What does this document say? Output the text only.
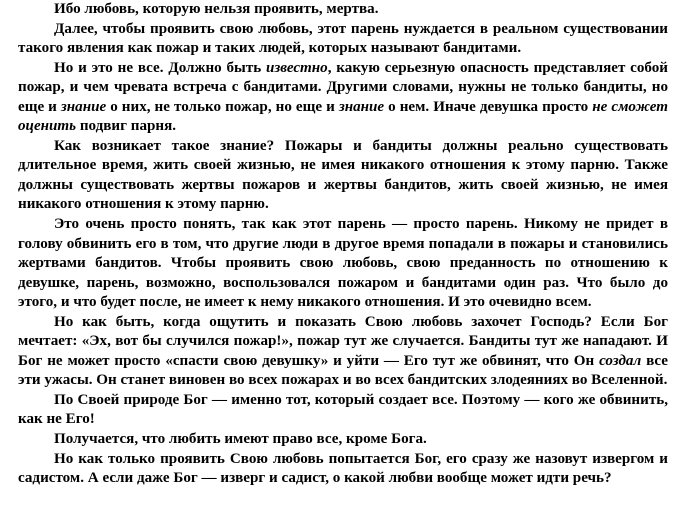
Ибо любовь, которую нельзя проявить, мертва.

Далее, чтобы проявить свою любовь, этот парень нуждается в реальном существовании такого явления как пожар и таких людей, которых называют бандитами.

Но и это не все. Должно быть известно, какую серьезную опасность представляет собой пожар, и чем чревата встреча с бандитами. Другими словами, нужны не только бандиты, но еще и знание о них, не только пожар, но еще и знание о нем. Иначе девушка просто не сможет оценить подвиг парня.

Как возникает такое знание? Пожары и бандиты должны реально существовать длительное время, жить своей жизнью, не имея никакого отношения к этому парню. Также должны существовать жертвы пожаров и жертвы бандитов, жить своей жизнью, не имея никакого отношения к этому парню.

Это очень просто понять, так как этот парень — просто парень. Никому не придет в голову обвинить его в том, что другие люди в другое время попадали в пожары и становились жертвами бандитов. Чтобы проявить свою любовь, свою преданность по отношению к девушке, парень, возможно, воспользовался пожаром и бандитами один раз. Что было до этого, и что будет после, не имеет к нему никакого отношения. И это очевидно всем.

Но как быть, когда ощутить и показать Свою любовь захочет Господь? Если Бог мечтает: «Эх, вот бы случился пожар!», пожар тут же случается. Бандиты тут же нападают. И Бог не может просто «спасти свою девушку» и уйти — Его тут же обвинят, что Он создал все эти ужасы. Он станет виновен во всех пожарах и во всех бандитских злодеяниях во Вселенной.

По Своей природе Бог — именно тот, который создает все. Поэтому — кого же обвинить, как не Его!

Получается, что любить имеют право все, кроме Бога.

Но как только проявить Свою любовь попытается Бог, его сразу же назовут извергом и садистом. А если даже Бог — изверг и садист, о какой любви вообще может идти речь?
